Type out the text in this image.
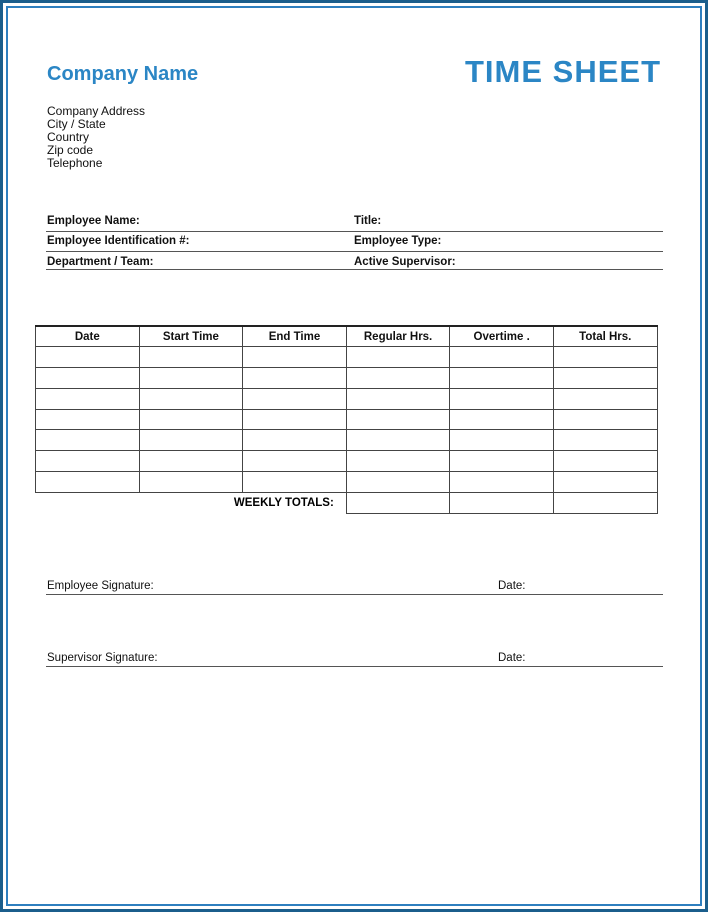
Company Name	TIME SHEET
Company Address
City / State
Country
Zip code
Telephone
Employee Name:	Title:
Employee Identification #:	Employee Type:
Department / Team:	Active Supervisor:
Date	Start Time	End Time	Regular Hrs.	Overtime .	Total Hrs.

WEEKLY TOTALS:					
Employee Signature:	Date:
Supervisor Signature:	Date:
